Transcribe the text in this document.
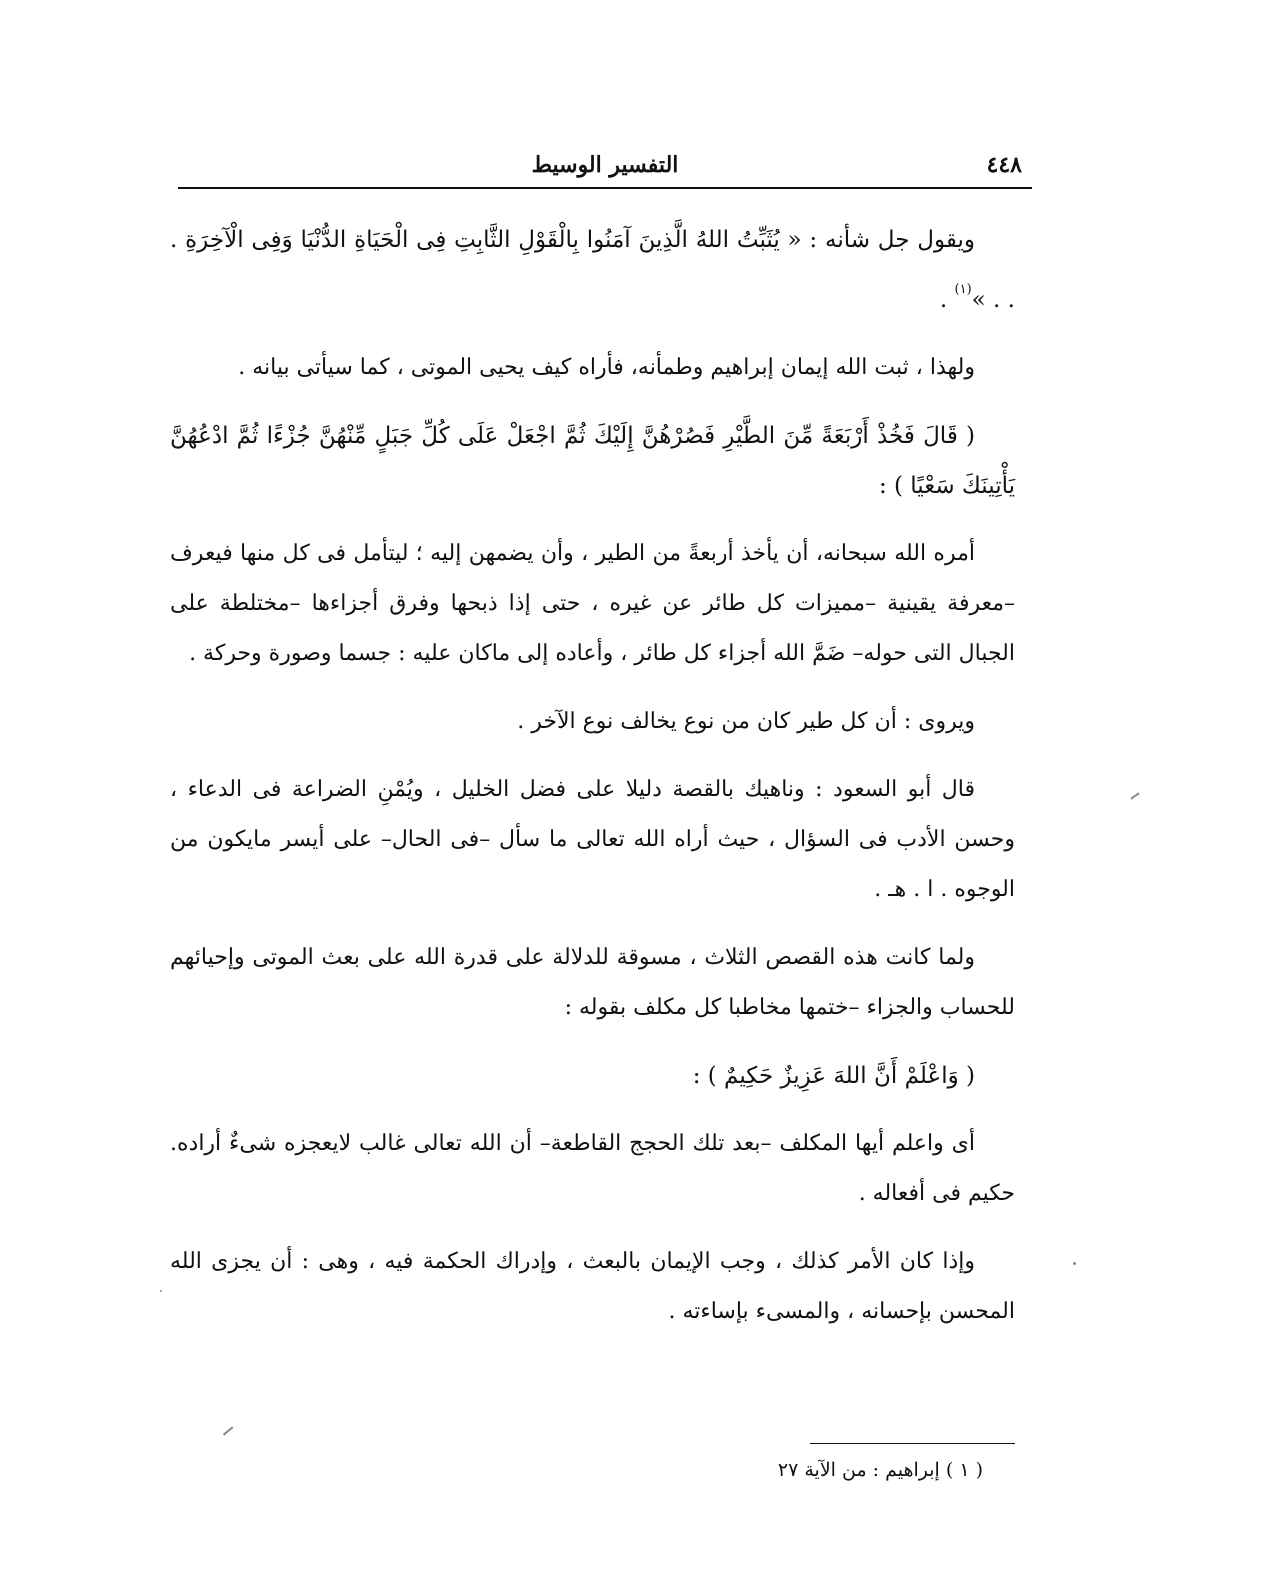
٤٤٨
التفسير الوسيط

ويقول جل شأنه : « يُثَبِّتُ اللهُ الَّذِينَ آمَنُوا بِالْقَوْلِ الثَّابِتِ فِى الْحَيَاةِ الدُّنْيَا وَفِى الْآخِرَةِ . . . »$^{(١)}$ .

ولهذا ، ثبت الله إيمان إبراهيم وطمأنه، فأراه كيف يحيى الموتى ، كما سيأتى بيانه .

( قَالَ فَخُذْ أَرْبَعَةً مِّنَ الطَّيْرِ فَصُرْهُنَّ إِلَيْكَ ثُمَّ اجْعَلْ عَلَى كُلِّ جَبَلٍ مِّنْهُنَّ جُزْءًا ثُمَّ ادْعُهُنَّ يَأْتِينَكَ سَعْيًا ) :

أمره الله سبحانه، أن يأخذ أربعةً من الطير ، وأن يضمهن إليه ؛ ليتأمل فى كل منها فيعرف –معرفة يقينية –مميزات كل طائر عن غيره ، حتى إذا ذبحها وفرق أجزاءها –مختلطة على الجبال التى حوله– ضَمَّ الله أجزاء كل طائر ، وأعاده إلى ماكان عليه : جسما وصورة وحركة .

ويروى : أن كل طير كان من نوع يخالف نوع الآخر .

قال أبو السعود : وناهيك بالقصة دليلا على فضل الخليل ، ويُمْنِ الضراعة فى الدعاء ، وحسن الأدب فى السؤال ، حيث أراه الله تعالى ما سأل –فى الحال– على أيسر مايكون من الوجوه . ا . هـ .

ولما كانت هذه القصص الثلاث ، مسوقة للدلالة على قدرة الله على بعث الموتى وإحيائهم للحساب والجزاء –ختمها مخاطبا كل مكلف بقوله :

( وَاعْلَمْ أَنَّ اللهَ عَزِيزٌ حَكِيمٌ ) :

أى واعلم أيها المكلف –بعد تلك الحجج القاطعة– أن الله تعالى غالب لايعجزه شىءٌ أراده. حكيم فى أفعاله .

وإذا كان الأمر كذلك ، وجب الإيمان بالبعث ، وإدراك الحكمة فيه ، وهى : أن يجزى الله المحسن بإحسانه ، والمسىء بإساءته .

( ١ ) إبراهيم : من الآية ٢٧
